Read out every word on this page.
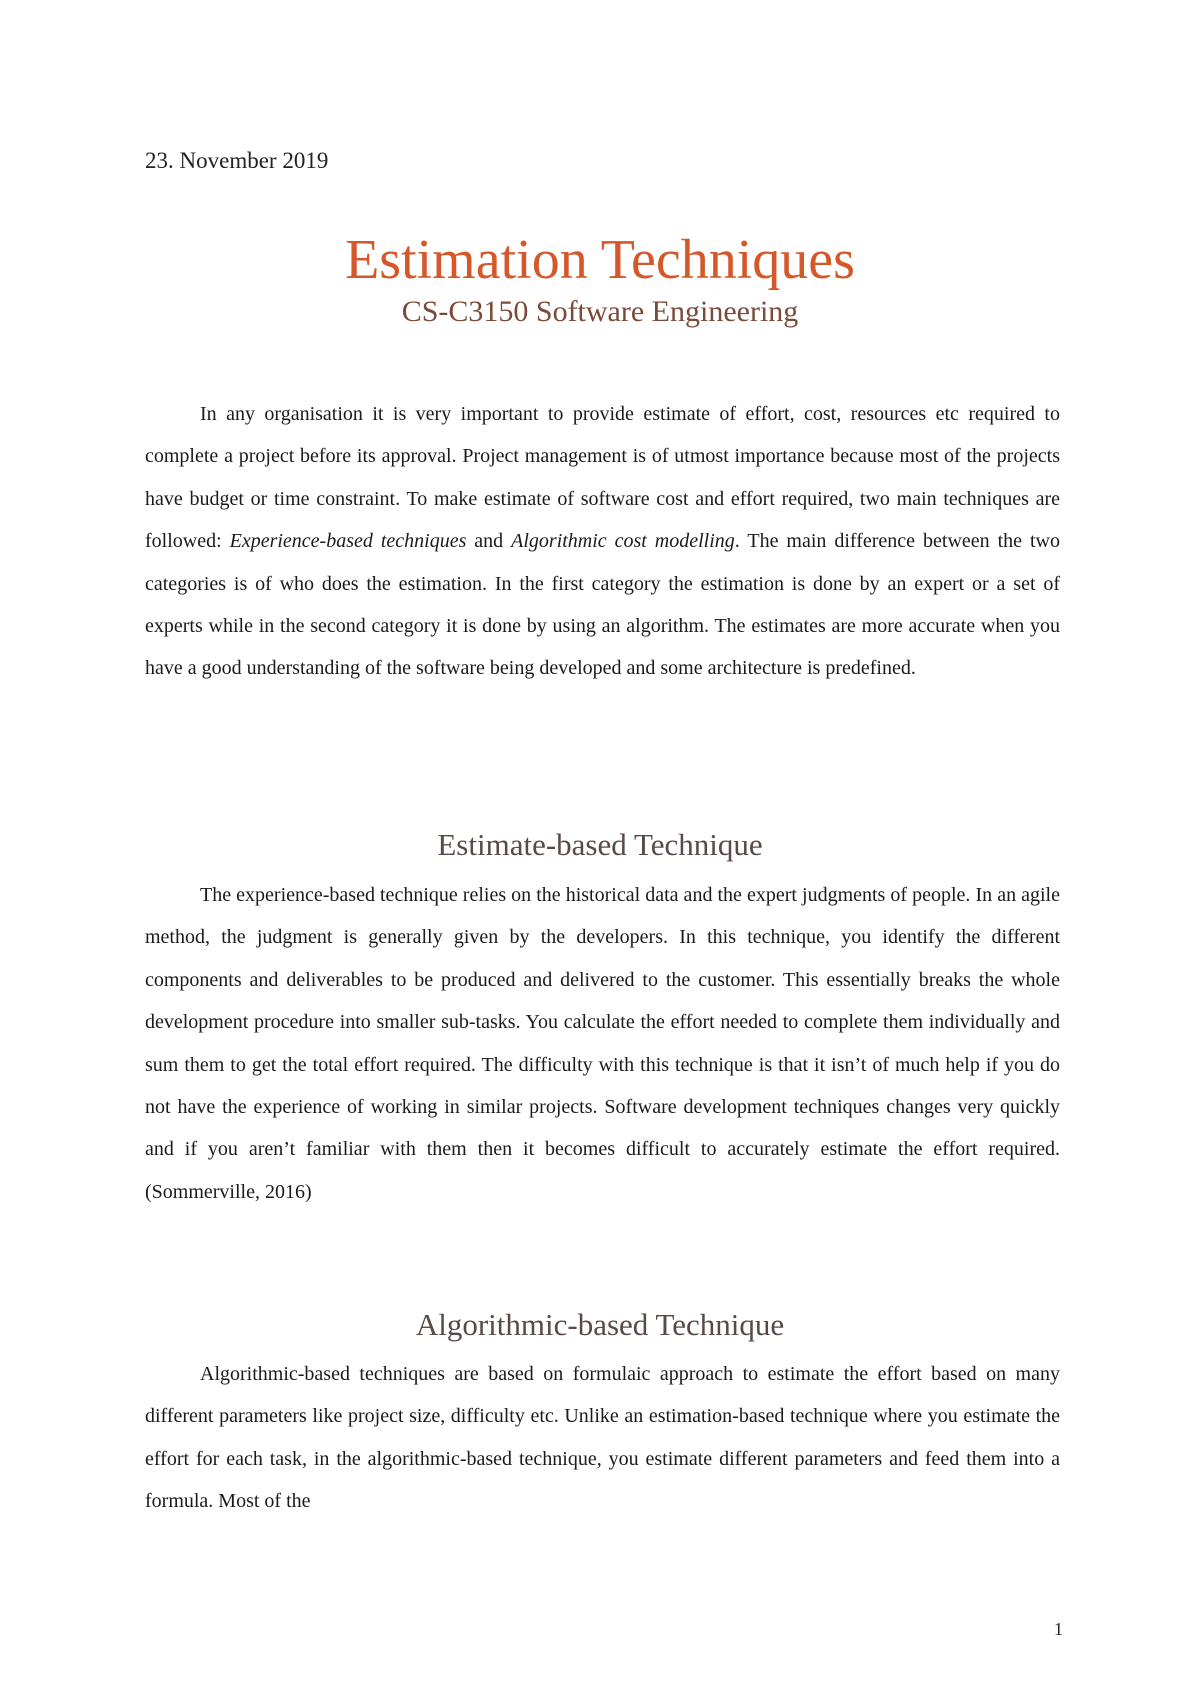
23. November 2019
Estimation Techniques
CS-C3150 Software Engineering

In any organisation it is very important to provide estimate of effort, cost, resources etc required to complete a project before its approval. Project management is of utmost importance because most of the projects have budget or time constraint. To make estimate of software cost and effort required, two main techniques are followed: Experience-based techniques and Algorithmic cost modelling. The main difference between the two categories is of who does the estimation. In the first category the estimation is done by an expert or a set of experts while in the second category it is done by using an algorithm. The estimates are more accurate when you have a good understanding of the software being developed and some architecture is predefined.

Estimate-based Technique

The experience-based technique relies on the historical data and the expert judgments of people. In an agile method, the judgment is generally given by the developers. In this technique, you identify the different components and deliverables to be produced and delivered to the customer. This essentially breaks the whole development procedure into smaller sub-tasks. You calculate the effort needed to complete them individually and sum them to get the total effort required. The difficulty with this technique is that it isn’t of much help if you do not have the experience of working in similar projects. Software development techniques changes very quickly and if you aren’t familiar with them then it becomes difficult to accurately estimate the effort required.(Sommerville, 2016)

Algorithmic-based Technique

Algorithmic-based techniques are based on formulaic approach to estimate the effort based on many different parameters like project size, difficulty etc. Unlike an estimation-based technique where you estimate the effort for each task, in the algorithmic-based technique, you estimate different parameters and feed them into a formula. Most of the

1
